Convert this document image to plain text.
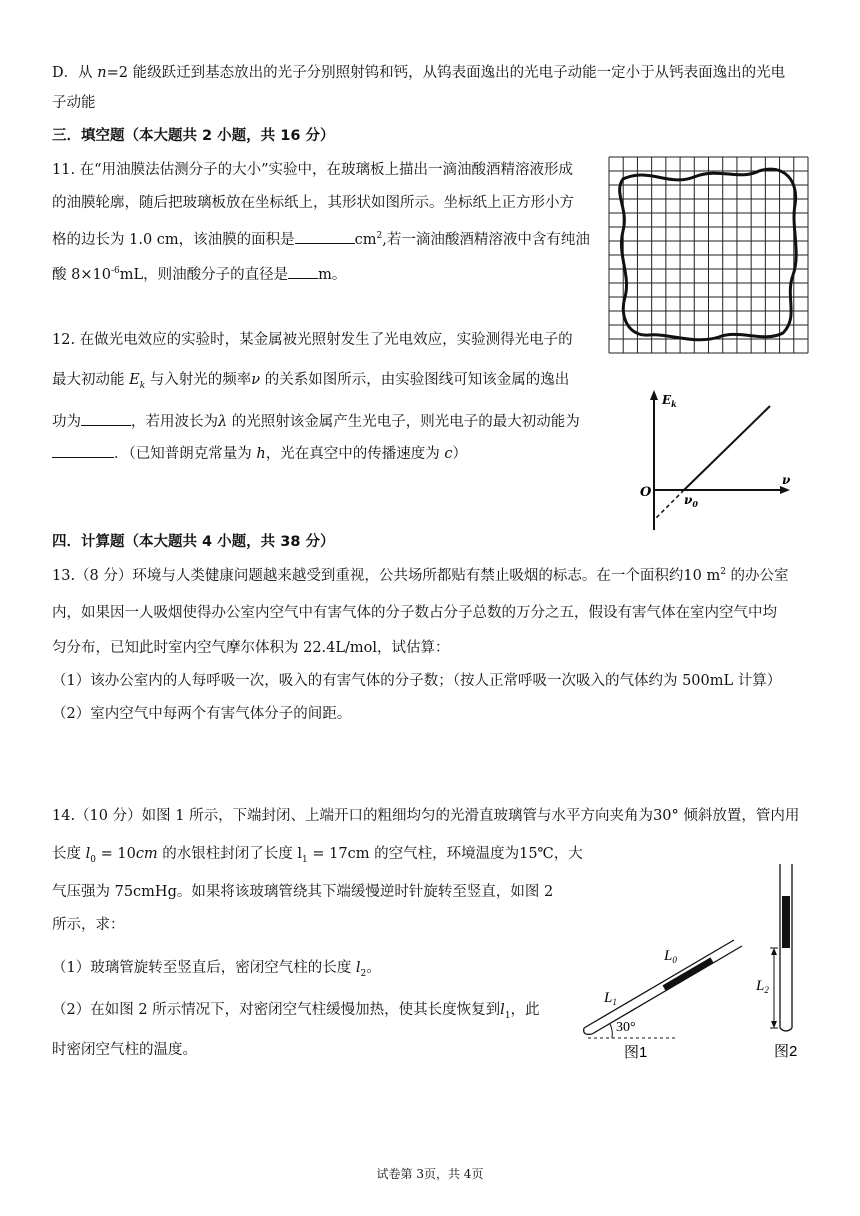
D．从 n=2 能级跃迁到基态放出的光子分别照射钨和钙，从钨表面逸出的光电子动能一定小于从钙表面逸出的光电
子动能
三．填空题（本大题共 2 小题，共 16 分）
11. 在“用油膜法估测分子的大小”实验中，在玻璃板上描出一滴油酸酒精溶液形成
的油膜轮廓，随后把玻璃板放在坐标纸上，其形状如图所示。坐标纸上正方形小方
格的边长为 1.0 cm，该油膜的面积是	$cm^2$,若一滴油酸酒精溶液中含有纯油
酸 $8\times 10^{-6}mL$，则油酸分子的直径是 m。
12. 在做光电效应的实验时，某金属被光照射发生了光电效应，实验测得光电子的
最大初动能 $E_k$ 与入射光的频率ν 的关系如图所示，由实验图线可知该金属的逸出
功为	，若用波长为λ 的光照射该金属产生光电子，则光电子的最大初动能为
．（已知普朗克常量为 h，光在真空中的传播速度为 c）
$E_k$
ν
O	$\nu_0$
四．计算题（本大题共 4 小题，共 38 分）
13.（8 分）环境与人类健康问题越来越受到重视，公共场所都贴有禁止吸烟的标志。在一个面积约10 $m^2$ 的办公室
内，如果因一人吸烟使得办公室内空气中有害气体的分子数占分子总数的万分之五，假设有害气体在室内空气中均
匀分布，已知此时室内空气摩尔体积为 22.4L/mol，试估算：
（1）该办公室内的人每呼吸一次，吸入的有害气体的分子数；（按人正常呼吸一次吸入的气体约为 500mL 计算）
（2）室内空气中每两个有害气体分子的间距。
14.（10 分）如图 1 所示，下端封闭、上端开口的粗细均匀的光滑直玻璃管与水平方向夹角为30° 倾斜放置，管内用
长度 $l_0 = 10cm$ 的水银柱封闭了长度 $l_1 = 17cm$ 的空气柱，环境温度为15℃，大
气压强为 75cmHg。如果将该玻璃管绕其下端缓慢逆时针旋转至竖直，如图 2
所示，求：
（1）玻璃管旋转至竖直后，密闭空气柱的长度 $l_2$。
（2）在如图 2 所示情况下，对密闭空气柱缓慢加热，使其长度恢复到$l_1$，此
时密闭空气柱的温度。
30°
$L_1$
$L_0$
图1
$L_2$
图2
试卷第 3页，共 4页
